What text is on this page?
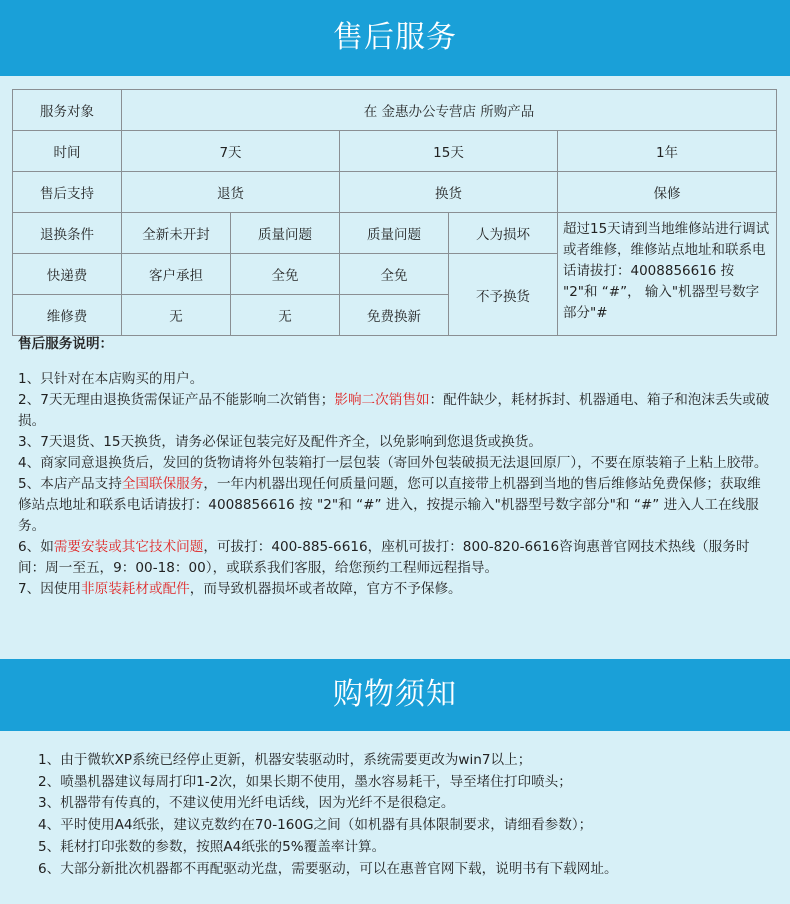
售后服务
服务对象	在 金惠办公专营店 所购产品				
时间	7天		15天		1年
售后支持	退货		换货		保修
退换条件	全新未开封	质量问题	质量问题	人为损坏	超过15天请到当地维修站进行调试或者维修，维修站点地址和联系电话请拔打：4008856616 按 "2"和 “#”， 输入"机器型号数字部分"#
快递费	客户承担	全免	全免	不予换货	
维修费	无	无	免费换新		
售后服务说明：

1、只针对在本店购买的用户。

2、7天无理由退换货需保证产品不能影响二次销售；影响二次销售如：配件缺少，耗材拆封、机器通电、箱子和泡沫丢失或破损。

3、7天退货、15天换货，请务必保证包装完好及配件齐全，以免影响到您退货或换货。

4、商家同意退换货后，发回的货物请将外包装箱打一层包装（寄回外包装破损无法退回原厂），不要在原装箱子上粘上胶带。

5、本店产品支持全国联保服务，一年内机器出现任何质量问题，您可以直接带上机器到当地的售后维修站免费保修；获取维修站点地址和联系电话请拔打：4008856616 按 "2"和 “#” 进入，按提示输入"机器型号数字部分"和 “#” 进入人工在线服务。

6、如需要安装或其它技术问题，可拔打：400-885-6616，座机可拔打：800-820-6616咨询惠普官网技术热线（服务时间：周一至五，9：00-18：00），或联系我们客服，给您预约工程师远程指导。

7、因使用非原装耗材或配件，而导致机器损坏或者故障，官方不予保修。

购物须知

1、由于微软XP系统已经停止更新，机器安装驱动时，系统需要更改为win7以上；

2、喷墨机器建议每周打印1-2次，如果长期不使用，墨水容易耗干，导至堵住打印喷头；

3、机器带有传真的，不建议使用光纤电话线，因为光纤不是很稳定。

4、平时使用A4纸张，建议克数约在70-160G之间（如机器有具体限制要求，请细看参数）；

5、耗材打印张数的参数，按照A4纸张的5%覆盖率计算。

6、大部分新批次机器都不再配驱动光盘，需要驱动，可以在惠普官网下载，说明书有下载网址。
